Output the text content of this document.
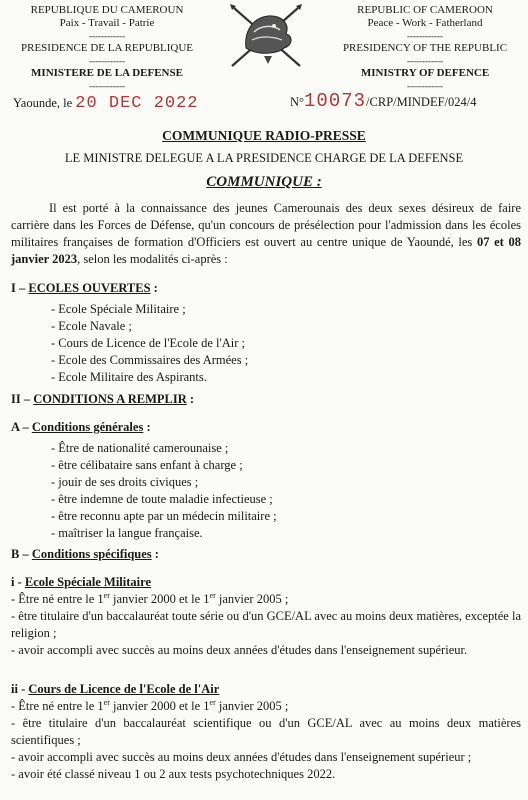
REPUBLIQUE DU CAMEROUN
Paix - Travail - Patrie
------------
PRESIDENCE DE LA REPUBLIQUE
------------
MINISTERE DE LA DEFENSE
------------
REPUBLIC OF CAMEROON
Peace - Work - Fatherland
------------
PRESIDENCY OF THE REPUBLIC
------------
MINISTRY OF DEFENCE
------------
Yaounde, le 20 DEC 2022	N°10073/CRP/MINDEF/024/4
COMMUNIQUE RADIO-PRESSE
LE MINISTRE DELEGUE A LA PRESIDENCE CHARGE DE LA DEFENSE
COMMUNIQUE :
Il est porté à la connaissance des jeunes Camerounais des deux sexes désireux de faire carrière dans les Forces de Défense, qu'un concours de présélection pour l'admission dans les écoles militaires françaises de formation d'Officiers est ouvert au centre unique de Yaoundé, les 07 et 08 janvier 2023, selon les modalités ci-après :
I – ECOLES OUVERTES :
- Ecole Spéciale Militaire ;
- Ecole Navale ;
- Cours de Licence de l'Ecole de l'Air ;
- Ecole des Commissaires des Armées ;
- Ecole Militaire des Aspirants.
II – CONDITIONS A REMPLIR :
A – Conditions générales :
- Être de nationalité camerounaise ;
- être célibataire sans enfant à charge ;
- jouir de ses droits civiques ;
- être indemne de toute maladie infectieuse ;
- être reconnu apte par un médecin militaire ;
- maîtriser la langue française.
B – Conditions spécifiques :
i - Ecole Spéciale Militaire

- Être né entre le 1er janvier 2000 et le 1er janvier 2005 ;

- être titulaire d'un baccalauréat toute série ou d'un GCE/AL avec au moins deux matières, exceptée la religion ;

- avoir accompli avec succès au moins deux années d'études dans l'enseignement supérieur.

ii - Cours de Licence de l'Ecole de l'Air

- Être né entre le 1er janvier 2000 et le 1er janvier 2005 ;

- être titulaire d'un baccalauréat scientifique ou d'un GCE/AL avec au moins deux matières scientifiques ;

- avoir accompli avec succès au moins deux années d'études dans l'enseignement supérieur ;

- avoir été classé niveau 1 ou 2 aux tests psychotechniques 2022.
